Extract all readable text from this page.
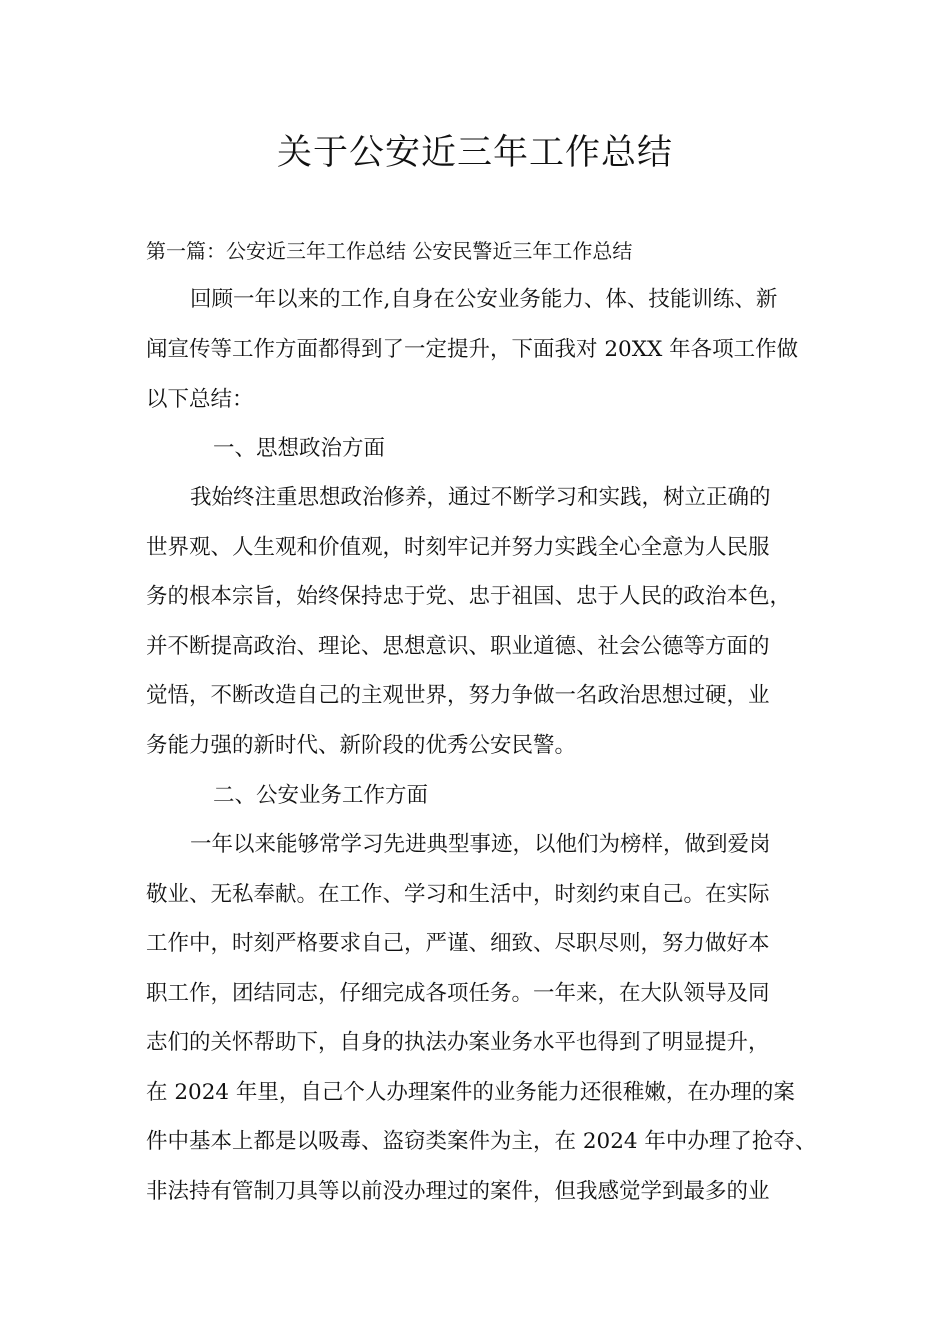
关于公安近三年工作总结

第一篇：公安近三年工作总结 公安民警近三年工作总结

回顾一年以来的工作,自身在公安业务能力、体、技能训练、新

闻宣传等工作方面都得到了一定提升，下面我对 20XX 年各项工作做

以下总结：

一、思想政治方面

我始终注重思想政治修养，通过不断学习和实践，树立正确的

世界观、人生观和价值观，时刻牢记并努力实践全心全意为人民服

务的根本宗旨，始终保持忠于党、忠于祖国、忠于人民的政治本色，

并不断提高政治、理论、思想意识、职业道德、社会公德等方面的

觉悟，不断改造自己的主观世界，努力争做一名政治思想过硬，业

务能力强的新时代、新阶段的优秀公安民警。

二、公安业务工作方面

一年以来能够常学习先进典型事迹，以他们为榜样，做到爱岗

敬业、无私奉献。在工作、学习和生活中，时刻约束自己。在实际

工作中，时刻严格要求自己，严谨、细致、尽职尽则，努力做好本

职工作，团结同志，仔细完成各项任务。一年来，在大队领导及同

志们的关怀帮助下，自身的执法办案业务水平也得到了明显提升，

在 2024 年里，自己个人办理案件的业务能力还很稚嫩，在办理的案

件中基本上都是以吸毒、盗窃类案件为主，在 2024 年中办理了抢夺、

非法持有管制刀具等以前没办理过的案件，但我感觉学到最多的业
